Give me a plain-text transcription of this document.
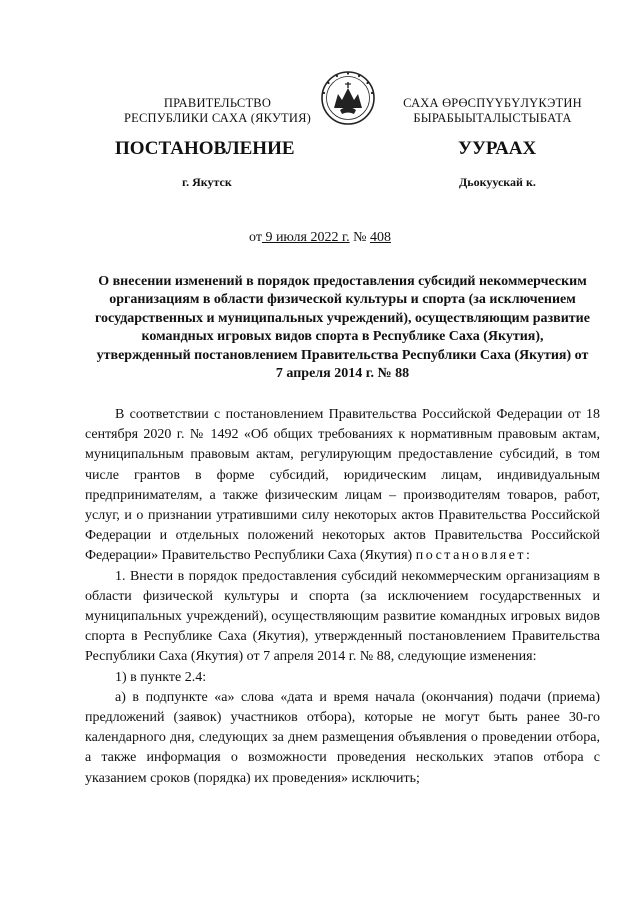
ПРАВИТЕЛЬСТВО
РЕСПУБЛИКИ САХА (ЯКУТИЯ)
САХА ӨРӨСПҮҮБҮЛҮКЭТИН
БЫРАБЫЫТАЛЫСТЫБАТА
ПОСТАНОВЛЕНИЕ	УУРААХ
г. Якутск	Дьокуускай к.
от 9 июля 2022 г. № 408
О внесении изменений в порядок предоставления субсидий некоммерческим организациям в области физической культуры и спорта (за исключением государственных и муниципальных учреждений), осуществляющим развитие командных игровых видов спорта в Республике Саха (Якутия), утвержденный постановлением Правительства Республики Саха (Якутия) от 7 апреля 2014 г. № 88

В соответствии с постановлением Правительства Российской Федерации от 18 сентября 2020 г. № 1492 «Об общих требованиях к нормативным правовым актам, муниципальным правовым актам, регулирующим предоставление субсидий, в том числе грантов в форме субсидий, юридическим лицам, индивидуальным предпринимателям, а также физическим лицам – производителям товаров, работ, услуг, и о признании утратившими силу некоторых актов Правительства Российской Федерации и отдельных положений некоторых актов Правительства Российской Федерации» Правительство Республики Саха (Якутия) постановляет:

1. Внести в порядок предоставления субсидий некоммерческим организациям в области физической культуры и спорта (за исключением государственных и муниципальных учреждений), осуществляющим развитие командных игровых видов спорта в Республике Саха (Якутия), утвержденный постановлением Правительства Республики Саха (Якутия) от 7 апреля 2014 г. № 88, следующие изменения:

1) в пункте 2.4:

а) в подпункте «а» слова «дата и время начала (окончания) подачи (приема) предложений (заявок) участников отбора), которые не могут быть ранее 30-го календарного дня, следующих за днем размещения объявления о проведении отбора, а также информация о возможности проведения нескольких этапов отбора с указанием сроков (порядка) их проведения» исключить;
